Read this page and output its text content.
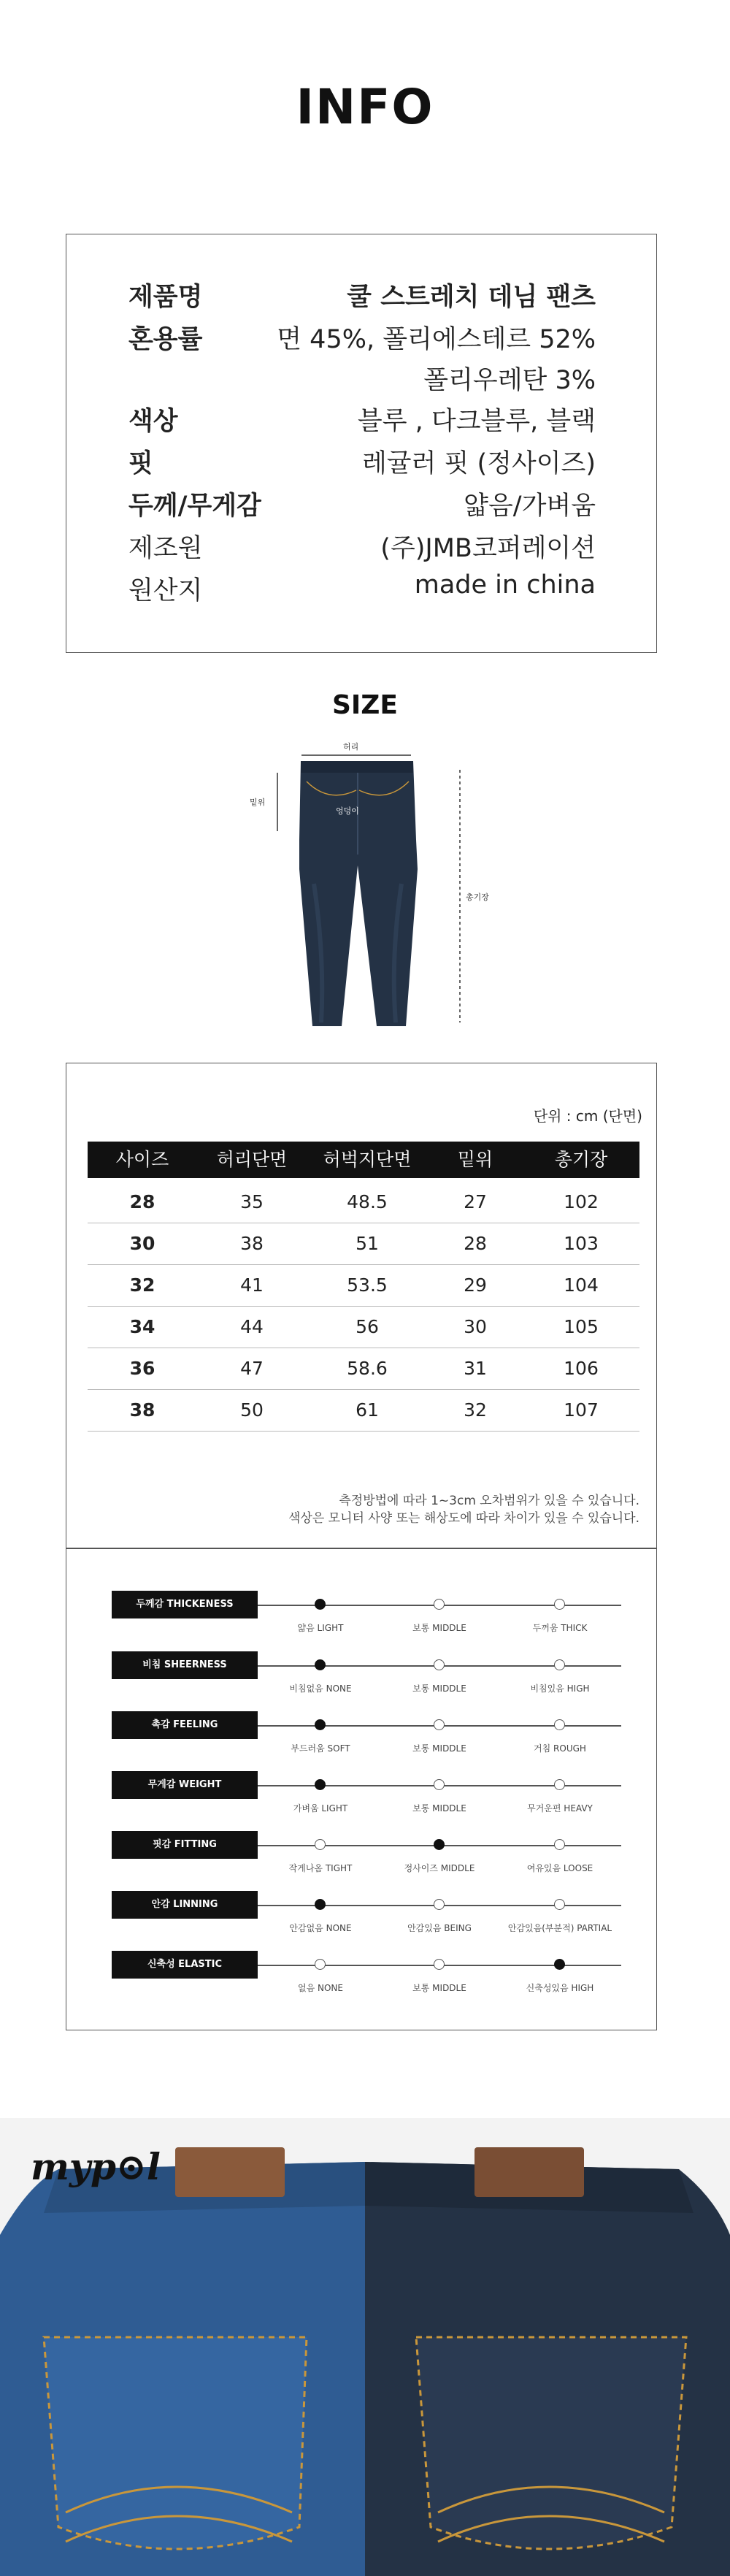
INFO
제품명	쿨 스트레치 데님 팬츠
혼용률	면 45%, 폴리에스테르 52%
폴리우레탄 3%
색상	블루 , 다크블루, 블랙
핏	레귤러 핏 (정사이즈)
두께/무게감	얇음/가벼움
제조원	(주)JMB코퍼레이션
원산지	made in china
SIZE
허리
밑위
엉덩이
총기장
단위 : cm (단면)
사이즈	허리단면	허벅지단면	밑위	총기장
28	35	48.5	27	102
30	38	51	28	103
32	41	53.5	29	104
34	44	56	30	105
36	47	58.6	31	106
38	50	61	32	107
측정방법에 따라 1~3cm 오차범위가 있을 수 있습니다.
색상은 모니터 사양 또는 해상도에 따라 차이가 있을 수 있습니다.
두께감 THICKENESS
얇음 LIGHT	보통 MIDDLE	두꺼움 THICK
비침 SHEERNESS
비침없음 NONE	보통 MIDDLE	비침있음 HIGH
촉감 FEELING
부드러움 SOFT	보통 MIDDLE	거침 ROUGH
무게감 WEIGHT
가벼움 LIGHT	보통 MIDDLE	무거운편 HEAVY
핏감 FITTING
작게나옴 TIGHT	정사이즈 MIDDLE	여유있음 LOOSE
안감 LINNING
안감없음 NONE	안감있음 BEING	안감있음(부분적) PARTIAL
신축성 ELASTIC
없음 NONE	보통 MIDDLE	신축성있음 HIGH
myp⊙l
